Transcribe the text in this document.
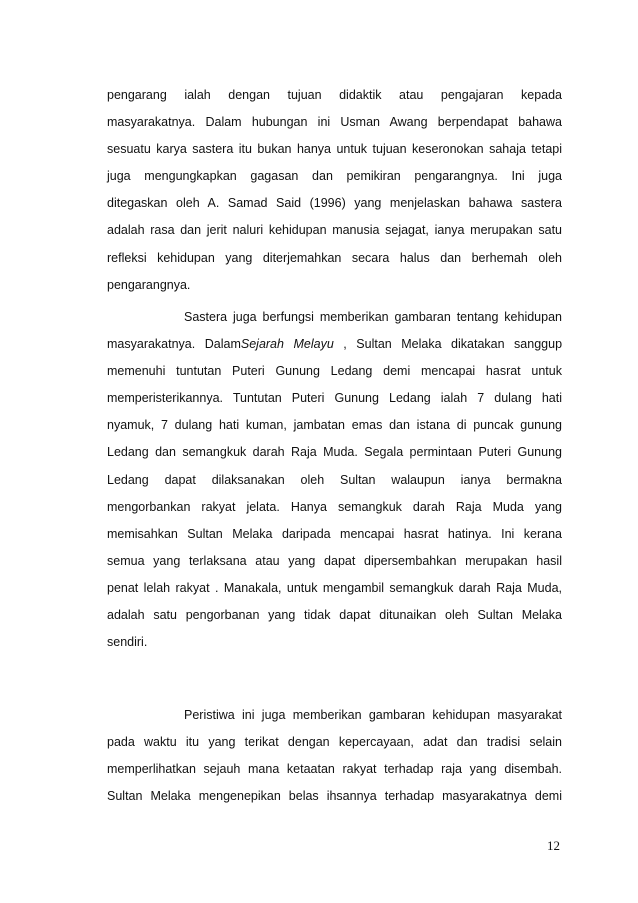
pengarang ialah dengan tujuan didaktik atau pengajaran kepada
masyarakatnya. Dalam hubungan ini Usman Awang berpendapat bahawa
sesuatu karya sastera itu bukan hanya untuk tujuan keseronokan sahaja tetapi
juga mengungkapkan gagasan dan pemikiran pengarangnya. Ini juga
ditegaskan oleh A. Samad Said (1996) yang menjelaskan bahawa sastera
adalah rasa dan jerit naluri kehidupan manusia sejagat, ianya merupakan satu
refleksi kehidupan yang diterjemahkan secara halus dan berhemah oleh
pengarangnya.
Sastera juga berfungsi memberikan gambaran tentang kehidupan
masyarakatnya. DalamSejarah Melayu , Sultan Melaka dikatakan sanggup
memenuhi tuntutan Puteri Gunung Ledang demi mencapai hasrat untuk
memperisterikannya. Tuntutan Puteri Gunung Ledang ialah 7 dulang hati
nyamuk, 7 dulang hati kuman, jambatan emas dan istana di puncak gunung
Ledang dan semangkuk darah Raja Muda. Segala permintaan Puteri Gunung
Ledang dapat dilaksanakan oleh Sultan walaupun ianya bermakna
mengorbankan rakyat jelata. Hanya semangkuk darah Raja Muda yang
memisahkan Sultan Melaka daripada mencapai hasrat hatinya. Ini kerana
semua yang terlaksana atau yang dapat dipersembahkan merupakan hasil
penat lelah rakyat . Manakala, untuk mengambil semangkuk darah Raja Muda,
adalah satu pengorbanan yang tidak dapat ditunaikan oleh Sultan Melaka
sendiri.
Peristiwa ini juga memberikan gambaran kehidupan masyarakat
pada waktu itu yang terikat dengan kepercayaan, adat dan tradisi selain
memperlihatkan sejauh mana ketaatan rakyat terhadap raja yang disembah.
Sultan Melaka mengenepikan belas ihsannya terhadap masyarakatnya demi
12
